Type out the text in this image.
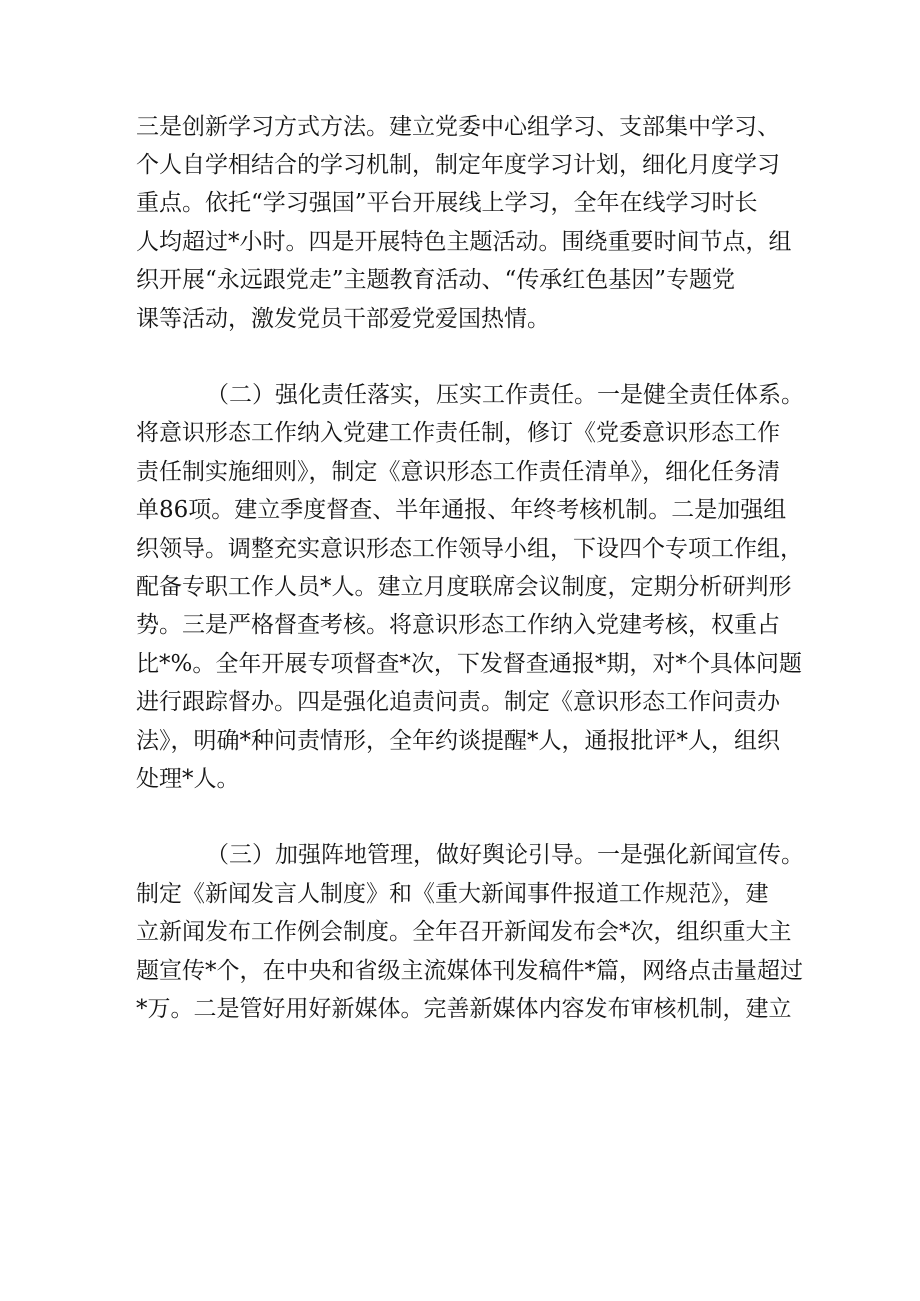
三是创新学习方式方法。建立党委中心组学习、支部集中学习、
个人自学相结合的学习机制，制定年度学习计划，细化月度学习
重点。依托“学习强国”平台开展线上学习，全年在线学习时长
人均超过*小时。四是开展特色主题活动。围绕重要时间节点，组
织开展“永远跟党走”主题教育活动、“传承红色基因”专题党
课等活动，激发党员干部爱党爱国热情。
（二）强化责任落实，压实工作责任。一是健全责任体系。
将意识形态工作纳入党建工作责任制，修订《党委意识形态工作
责任制实施细则》，制定《意识形态工作责任清单》，细化任务清
单86项。建立季度督查、半年通报、年终考核机制。二是加强组
织领导。调整充实意识形态工作领导小组，下设四个专项工作组，
配备专职工作人员*人。建立月度联席会议制度，定期分析研判形
势。三是严格督查考核。将意识形态工作纳入党建考核，权重占
比*%。全年开展专项督查*次，下发督查通报*期，对*个具体问题
进行跟踪督办。四是强化追责问责。制定《意识形态工作问责办
法》，明确*种问责情形，全年约谈提醒*人，通报批评*人，组织
处理*人。
（三）加强阵地管理，做好舆论引导。一是强化新闻宣传。
制定《新闻发言人制度》和《重大新闻事件报道工作规范》，建
立新闻发布工作例会制度。全年召开新闻发布会*次，组织重大主
题宣传*个，在中央和省级主流媒体刊发稿件*篇，网络点击量超过
*万。二是管好用好新媒体。完善新媒体内容发布审核机制，建立
